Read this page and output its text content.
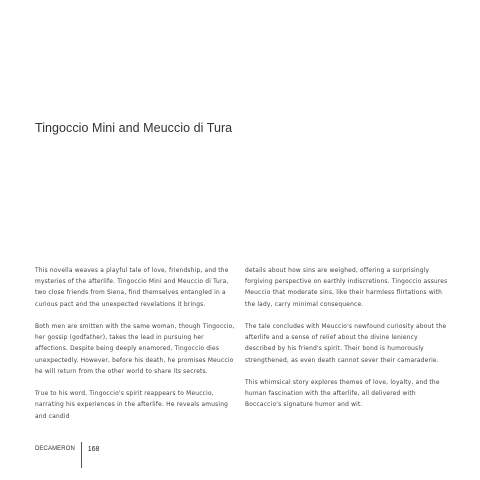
Tingoccio Mini and Meuccio di Tura

This novella weaves a playful tale of love, friendship, and the mysteries of the afterlife. Tingoccio Mini and Meuccio di Tura, two close friends from Siena, find themselves entangled in a curious pact and the unexpected revelations it brings.

Both men are smitten with the same woman, though Tingoccio, her gossip (godfather), takes the lead in pursuing her affections. Despite being deeply enamored, Tingoccio dies unexpectedly. However, before his death, he promises Meuccio he will return from the other world to share its secrets.

True to his word, Tingoccio's spirit reappears to Meuccio, narrating his experiences in the afterlife. He reveals amusing and candid

details about how sins are weighed, offering a surprisingly forgiving perspective on earthly indiscretions. Tingoccio assures Meuccio that moderate sins, like their harmless flirtations with the lady, carry minimal consequence.

The tale concludes with Meuccio's newfound curiosity about the afterlife and a sense of relief about the divine leniency described by his friend's spirit. Their bond is humorously strengthened, as even death cannot sever their camaraderie.

This whimsical story explores themes of love, loyalty, and the human fascination with the afterlife, all delivered with Boccaccio's signature humor and wit.

DECAMERON 168
